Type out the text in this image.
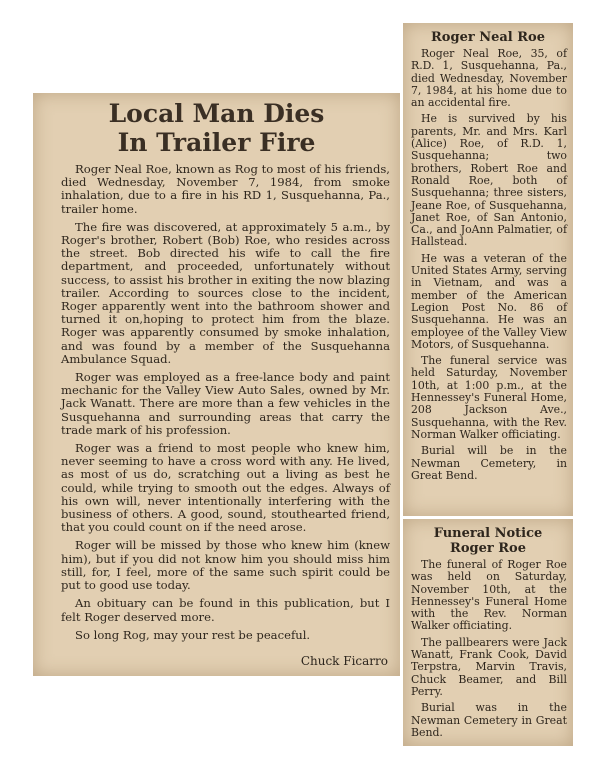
Local Man Dies
In Trailer Fire

Roger Neal Roe, known as Rog to most of his friends, died Wednesday, November 7, 1984, from smoke inhalation, due to a fire in his RD 1, Susquehanna, Pa., trailer home.

The fire was discovered, at approximately 5 a.m., by Roger's brother, Robert (Bob) Roe, who resides across the street. Bob directed his wife to call the fire department, and proceeded, unfortunately without success, to assist his brother in exiting the now blazing trailer. According to sources close to the incident, Roger apparently went into the bathroom shower and turned it on,hoping to protect him from the blaze. Roger was apparently consumed by smoke inhalation, and was found by a member of the Susquehanna Ambulance Squad.

Roger was employed as a free-lance body and paint mechanic for the Valley View Auto Sales, owned by Mr. Jack Wanatt. There are more than a few vehicles in the Susquehanna and surrounding areas that carry the trade mark of his profession.

Roger was a friend to most people who knew him, never seeming to have a cross word with any. He lived, as most of us do, scratching out a living as best he could, while trying to smooth out the edges. Always of his own will, never intentionally interfering with the business of others. A good, sound, stouthearted friend, that you could count on if the need arose.

Roger will be missed by those who knew him (knew him), but if you did not know him you should miss him still, for, I feel, more of the same such spirit could be put to good use today.

An obituary can be found in this publication, but I felt Roger deserved more.

So long Rog, may your rest be peaceful.

Chuck Ficarro
Roger Neal Roe

Roger Neal Roe, 35, of R.D. 1, Susquehanna, Pa., died Wednesday, November 7, 1984, at his home due to an accidental fire.

He is survived by his parents, Mr. and Mrs. Karl (Alice) Roe, of R.D. 1, Susquehanna; two brothers, Robert Roe and Ronald Roe, both of Susquehanna; three sisters, Jeane Roe, of Susquehanna, Janet Roe, of San Antonio, Ca., and JoAnn Palmatier, of Hallstead.

He was a veteran of the United States Army, serving in Vietnam, and was a member of the American Legion Post No. 86 of Susquehanna. He was an employee of the Valley View Motors, of Susquehanna.

The funeral service was held Saturday, November 10th, at 1:00 p.m., at the Hennessey's Funeral Home, 208 Jackson Ave., Susquehanna, with the Rev. Norman Walker officiating.

Burial will be in the Newman Cemetery, in Great Bend.

Funeral Notice
Roger Roe

The funeral of Roger Roe was held on Saturday, November 10th, at the Hennessey's Funeral Home with the Rev. Norman Walker officiating.

The pallbearers were Jack Wanatt, Frank Cook, David Terpstra, Marvin Travis, Chuck Beamer, and Bill Perry.

Burial was in the Newman Cemetery in Great Bend.
